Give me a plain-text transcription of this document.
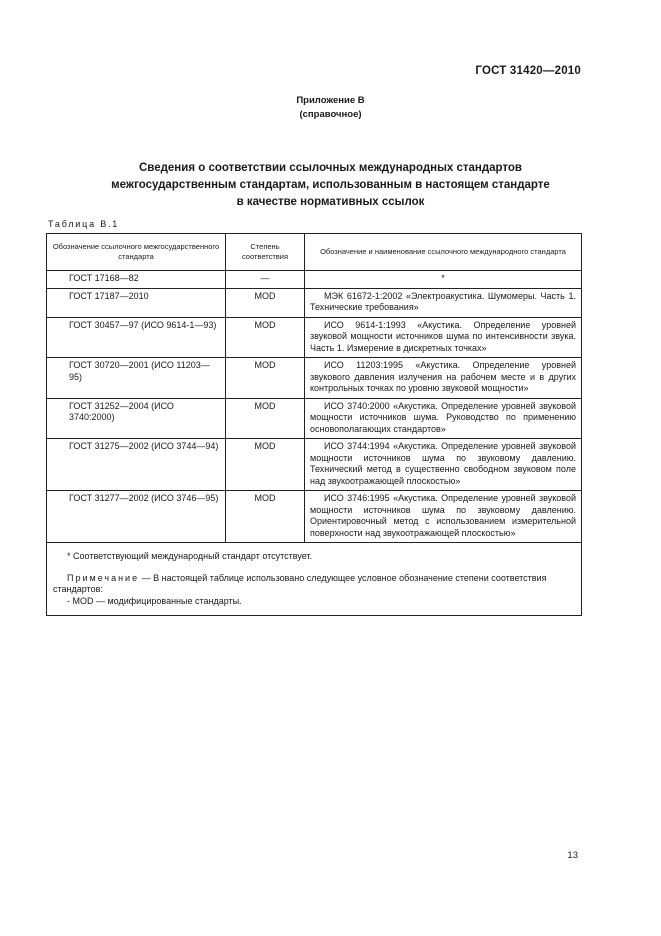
ГОСТ 31420—2010
Приложение В
(справочное)
Сведения о соответствии ссылочных международных стандартов
межгосударственным стандартам, использованным в настоящем стандарте
в качестве нормативных ссылок
Таблица В.1
Обозначение ссылочного межгосударственного стандарта	Степень соответствия	Обозначение и наименование ссылочного международного стандарта
ГОСТ 17168—82	—	*
ГОСТ 17187—2010	MOD	МЭК 61672-1:2002 «Электроакустика. Шумомеры. Часть 1. Технические требования»

ГОСТ 30457—97 (ИСО 9614-1—93)	MOD	ИСО 9614-1:1993 «Акустика. Определение уровней звуковой мощности источников шума по интенсивности звука. Часть 1. Измерение в дискретных точках»

ГОСТ 30720—2001 (ИСО 11203—95)	MOD	ИСО 11203:1995 «Акустика. Определение уровней звукового давления излучения на рабочем месте и в других контрольных точках по уровню звуковой мощности»

ГОСТ 31252—2004 (ИСО 3740:2000)	MOD	ИСО 3740:2000 «Акустика. Определение уровней звуковой мощности источников шума. Руководство по применению основополагающих стандартов»

ГОСТ 31275—2002 (ИСО 3744—94)	MOD	ИСО 3744:1994 «Акустика. Определение уровней звуковой мощности источников шума по звуковому давлению. Технический метод в существенно свободном звуковом поле над звукоотражающей плоскостью»

ГОСТ 31277—2002 (ИСО 3746—95)	MOD	ИСО 3746:1995 «Акустика. Определение уровней звуковой мощности источников шума по звуковому давлению. Ориентировочный метод с использованием измерительной поверхности над звукоотражающей плоскостью»

* Соответствующий международный стандарт отсутствует.

Примечание — В настоящей таблице использовано следующее условное обозначение степени соответствия стандартов:

- MOD — модифицированные стандарты.		

13
